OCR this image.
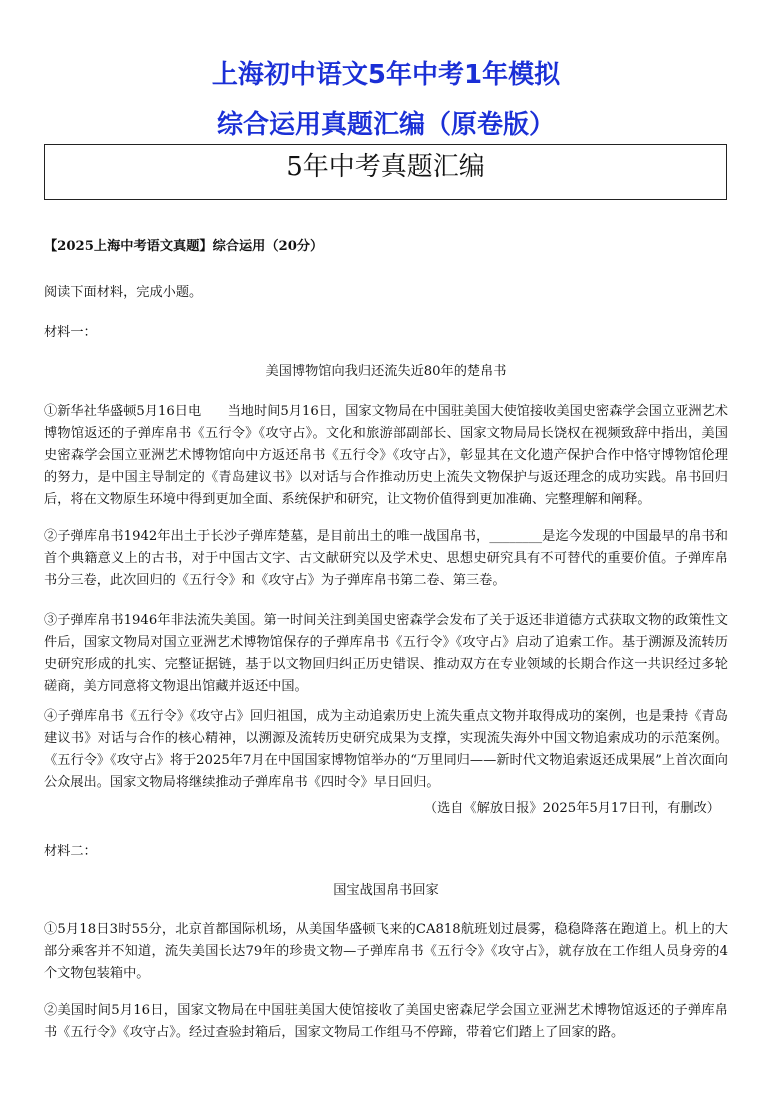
上海初中语文5年中考1年模拟
综合运用真题汇编（原卷版）
5年中考真题汇编

【2025上海中考语文真题】综合运用（20分）

阅读下面材料，完成小题。

材料一：

美国博物馆向我归还流失近80年的楚帛书

①新华社华盛顿5月16日电　　当地时间5月16日，国家文物局在中国驻美国大使馆接收美国史密森学会国立亚洲艺术博物馆返还的子弹库帛书《五行令》《攻守占》。文化和旅游部副部长、国家文物局局长饶权在视频致辞中指出，美国史密森学会国立亚洲艺术博物馆向中方返还帛书《五行令》《攻守占》，彰显其在文化遗产保护合作中恪守博物馆伦理的努力，是中国主导制定的《青岛建议书》以对话与合作推动历史上流失文物保护与返还理念的成功实践。帛书回归后，将在文物原生环境中得到更加全面、系统保护和研究，让文物价值得到更加准确、完整理解和阐释。

②子弹库帛书1942年出土于长沙子弹库楚墓，是目前出土的唯一战国帛书，________是迄今发现的中国最早的帛书和首个典籍意义上的古书，对于中国古文字、古文献研究以及学术史、思想史研究具有不可替代的重要价值。子弹库帛书分三卷，此次回归的《五行令》和《攻守占》为子弹库帛书第二卷、第三卷。

③子弹库帛书1946年非法流失美国。第一时间关注到美国史密森学会发布了关于返还非道德方式获取文物的政策性文件后，国家文物局对国立亚洲艺术博物馆保存的子弹库帛书《五行令》《攻守占》启动了追索工作。基于溯源及流转历史研究形成的扎实、完整证据链，基于以文物回归纠正历史错误、推动双方在专业领域的长期合作这一共识经过多轮磋商，美方同意将文物退出馆藏并返还中国。

④子弹库帛书《五行令》《攻守占》回归祖国，成为主动追索历史上流失重点文物并取得成功的案例，也是秉持《青岛建议书》对话与合作的核心精神，以溯源及流转历史研究成果为支撑，实现流失海外中国文物追索成功的示范案例。《五行令》《攻守占》将于2025年7月在中国国家博物馆举办的“万里同归——新时代文物追索返还成果展”上首次面向公众展出。国家文物局将继续推动子弹库帛书《四时令》早日回归。

（选自《解放日报》2025年5月17日刊，有删改）

材料二：

国宝战国帛书回家

①5月18日3时55分，北京首都国际机场，从美国华盛顿飞来的CA818航班划过晨雾，稳稳降落在跑道上。机上的大部分乘客并不知道，流失美国长达79年的珍贵文物—子弹库帛书《五行令》《攻守占》，就存放在工作组人员身旁的4个文物包装箱中。

②美国时间5月16日，国家文物局在中国驻美国大使馆接收了美国史密森尼学会国立亚洲艺术博物馆返还的子弹库帛书《五行令》《攻守占》。经过查验封箱后，国家文物局工作组马不停蹄，带着它们踏上了回家的路。
